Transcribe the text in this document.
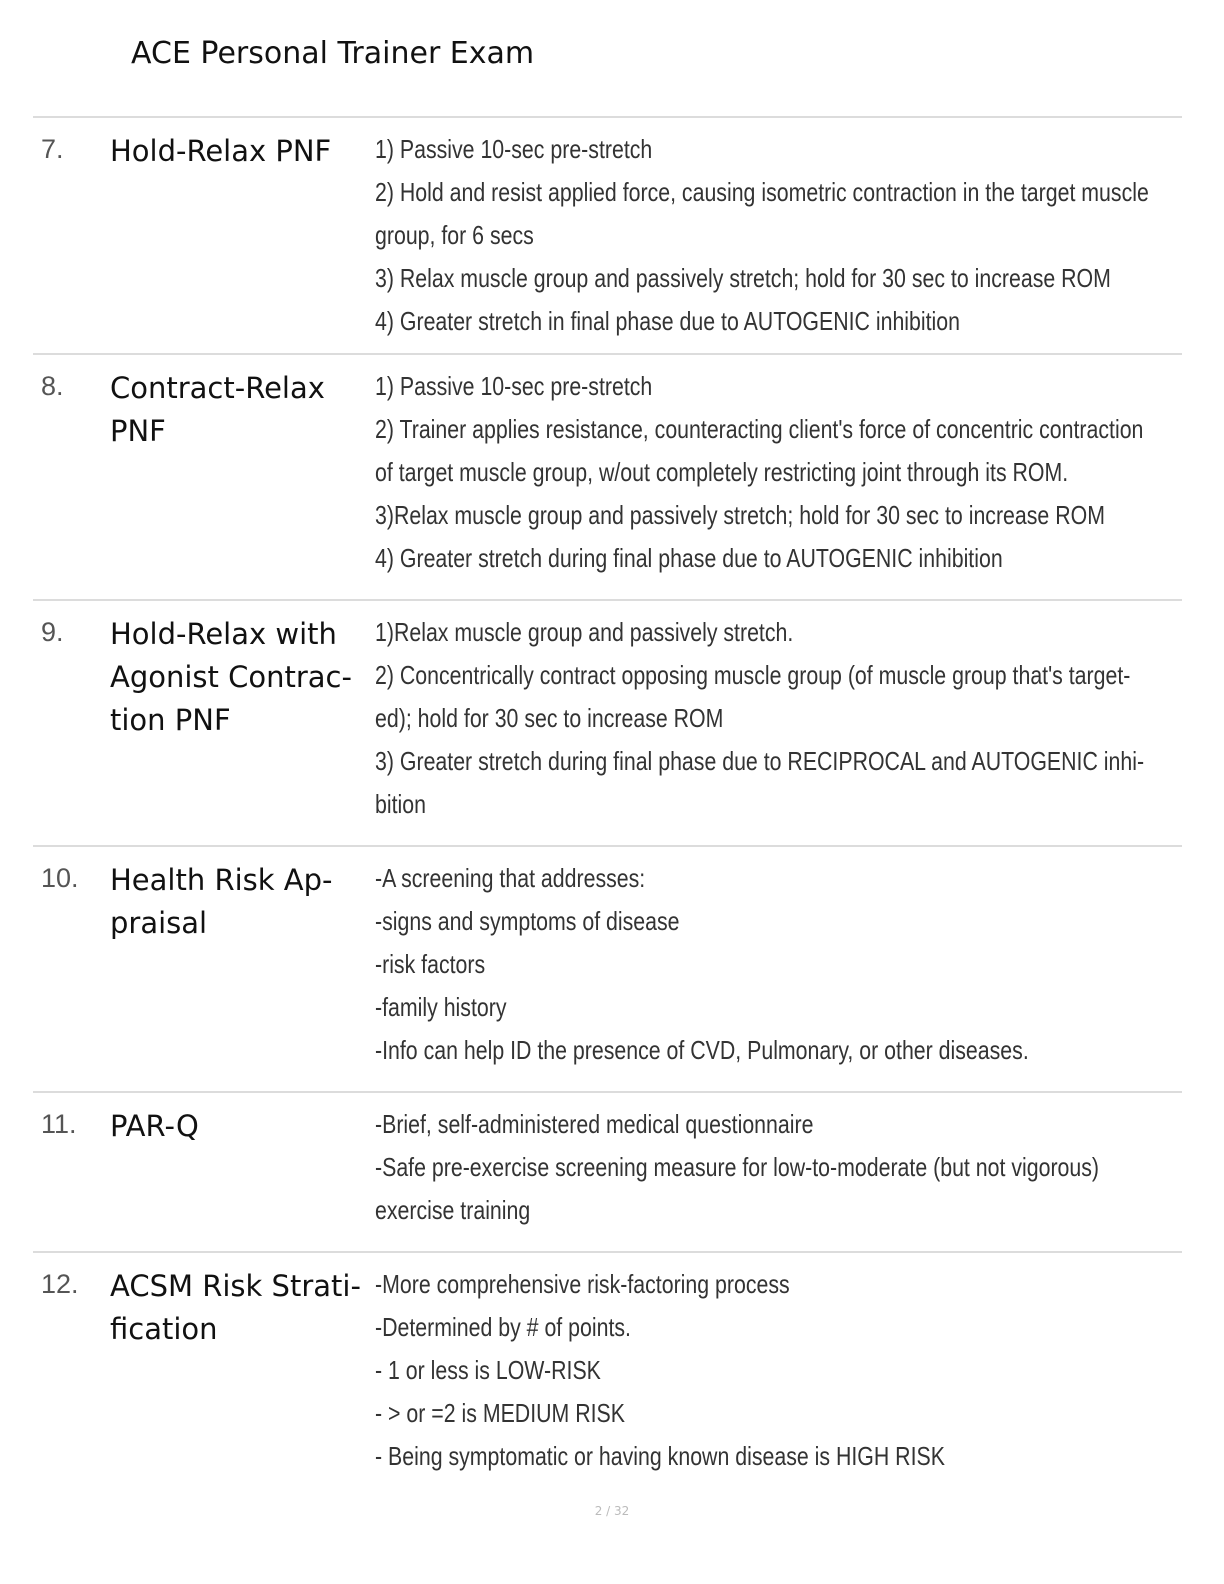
ACE Personal Trainer Exam
7. Hold-Relax PNF	1) Passive 10-sec pre-stretch
2) Hold and resist applied force, causing isometric contraction in the target muscle
group, for 6 secs
3) Relax muscle group and passively stretch; hold for 30 sec to increase ROM
4) Greater stretch in final phase due to AUTOGENIC inhibition
8. Contract-Relax PNF
1) Passive 10-sec pre-stretch
2) Trainer applies resistance, counteracting client's force of concentric contraction
of target muscle group, w/out completely restricting joint through its ROM.
3)Relax muscle group and passively stretch; hold for 30 sec to increase ROM
4) Greater stretch during final phase due to AUTOGENIC inhibition
9. Hold-Relax with Agonist Contrac- tion PNF
1)Relax muscle group and passively stretch.
2) Concentrically contract opposing muscle group (of muscle group that's target-
ed); hold for 30 sec to increase ROM
3) Greater stretch during final phase due to RECIPROCAL and AUTOGENIC inhi-
bition
10. Health Risk Ap- praisal
-A screening that addresses:
-signs and symptoms of disease
-risk factors
-family history
-Info can help ID the presence of CVD, Pulmonary, or other diseases.
11. PAR-Q	-Brief, self-administered medical questionnaire
-Safe pre-exercise screening measure for low-to-moderate (but not vigorous)
exercise training
12. ACSM Risk Strati- fication
-More comprehensive risk-factoring process
-Determined by # of points.
- 1 or less is LOW-RISK
- > or =2 is MEDIUM RISK
- Being symptomatic or having known disease is HIGH RISK
2 / 32
